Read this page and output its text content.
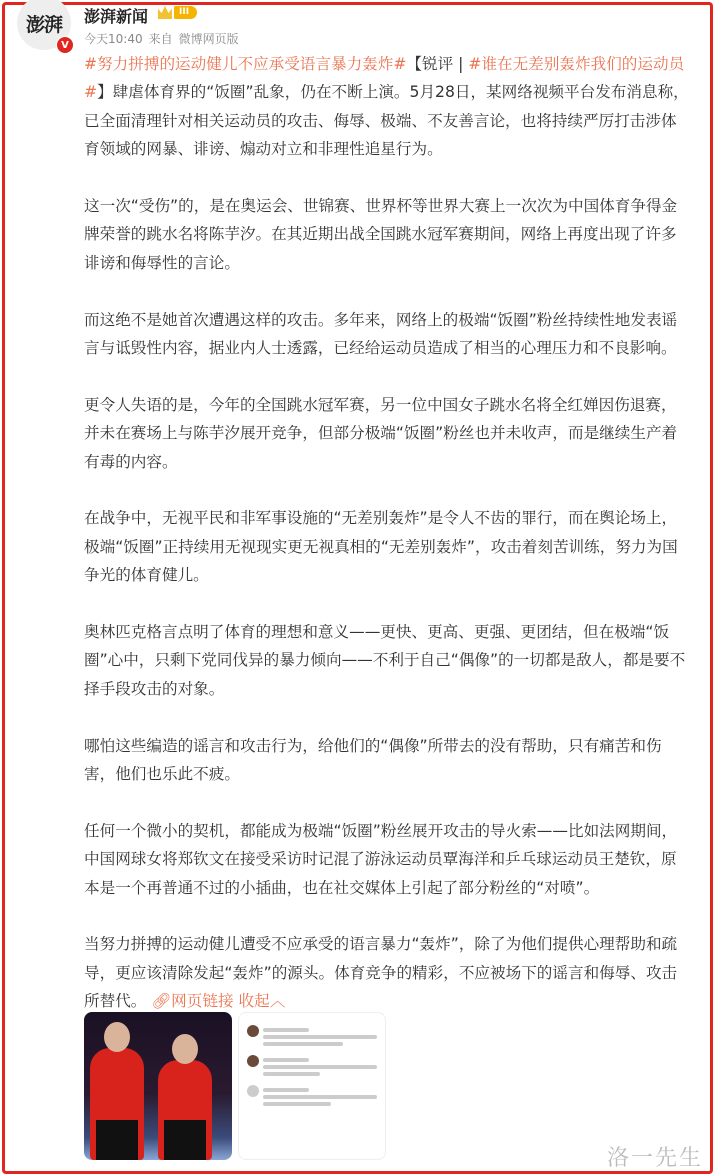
澎湃
V
澎湃新闻	III
今天10:40 来自 微博网页版

#努力拼搏的运动健儿不应承受语言暴力轰炸#【锐评 | #谁在无差别轰炸我们的运动员#】肆虐体育界的“饭圈”乱象，仍在不断上演。5月28日，某网络视频平台发布消息称，已全面清理针对相关运动员的攻击、侮辱、极端、不友善言论，也将持续严厉打击涉体育领域的网暴、诽谤、煽动对立和非理性追星行为。

这一次“受伤”的，是在奥运会、世锦赛、世界杯等世界大赛上一次次为中国体育争得金牌荣誉的跳水名将陈芋汐。在其近期出战全国跳水冠军赛期间，网络上再度出现了许多诽谤和侮辱性的言论。

而这绝不是她首次遭遇这样的攻击。多年来，网络上的极端“饭圈”粉丝持续性地发表谣言与诋毁性内容，据业内人士透露，已经给运动员造成了相当的心理压力和不良影响。

更令人失语的是，今年的全国跳水冠军赛，另一位中国女子跳水名将全红婵因伤退赛，并未在赛场上与陈芋汐展开竞争，但部分极端“饭圈”粉丝也并未收声，而是继续生产着有毒的内容。

在战争中，无视平民和非军事设施的“无差别轰炸”是令人不齿的罪行，而在舆论场上，极端“饭圈”正持续用无视现实更无视真相的“无差别轰炸”，攻击着刻苦训练，努力为国争光的体育健儿。

奥林匹克格言点明了体育的理想和意义——更快、更高、更强、更团结，但在极端“饭圈”心中，只剩下党同伐异的暴力倾向——不利于自己“偶像”的一切都是敌人，都是要不择手段攻击的对象。

哪怕这些编造的谣言和攻击行为，给他们的“偶像”所带去的没有帮助，只有痛苦和伤害，他们也乐此不疲。

任何一个微小的契机，都能成为极端“饭圈”粉丝展开攻击的导火索——比如法网期间，中国网球女将郑钦文在接受采访时记混了游泳运动员覃海洋和乒乓球运动员王楚钦，原本是一个再普通不过的小插曲，也在社交媒体上引起了部分粉丝的“对喷”。

当努力拼搏的运动健儿遭受不应承受的语言暴力“轰炸”，除了为他们提供心理帮助和疏导，更应该清除发起“轰炸”的源头。体育竞争的精彩，不应被场下的谣言和侮辱、攻击所替代。 🔗︎网页链接 收起︿

洛一先生
